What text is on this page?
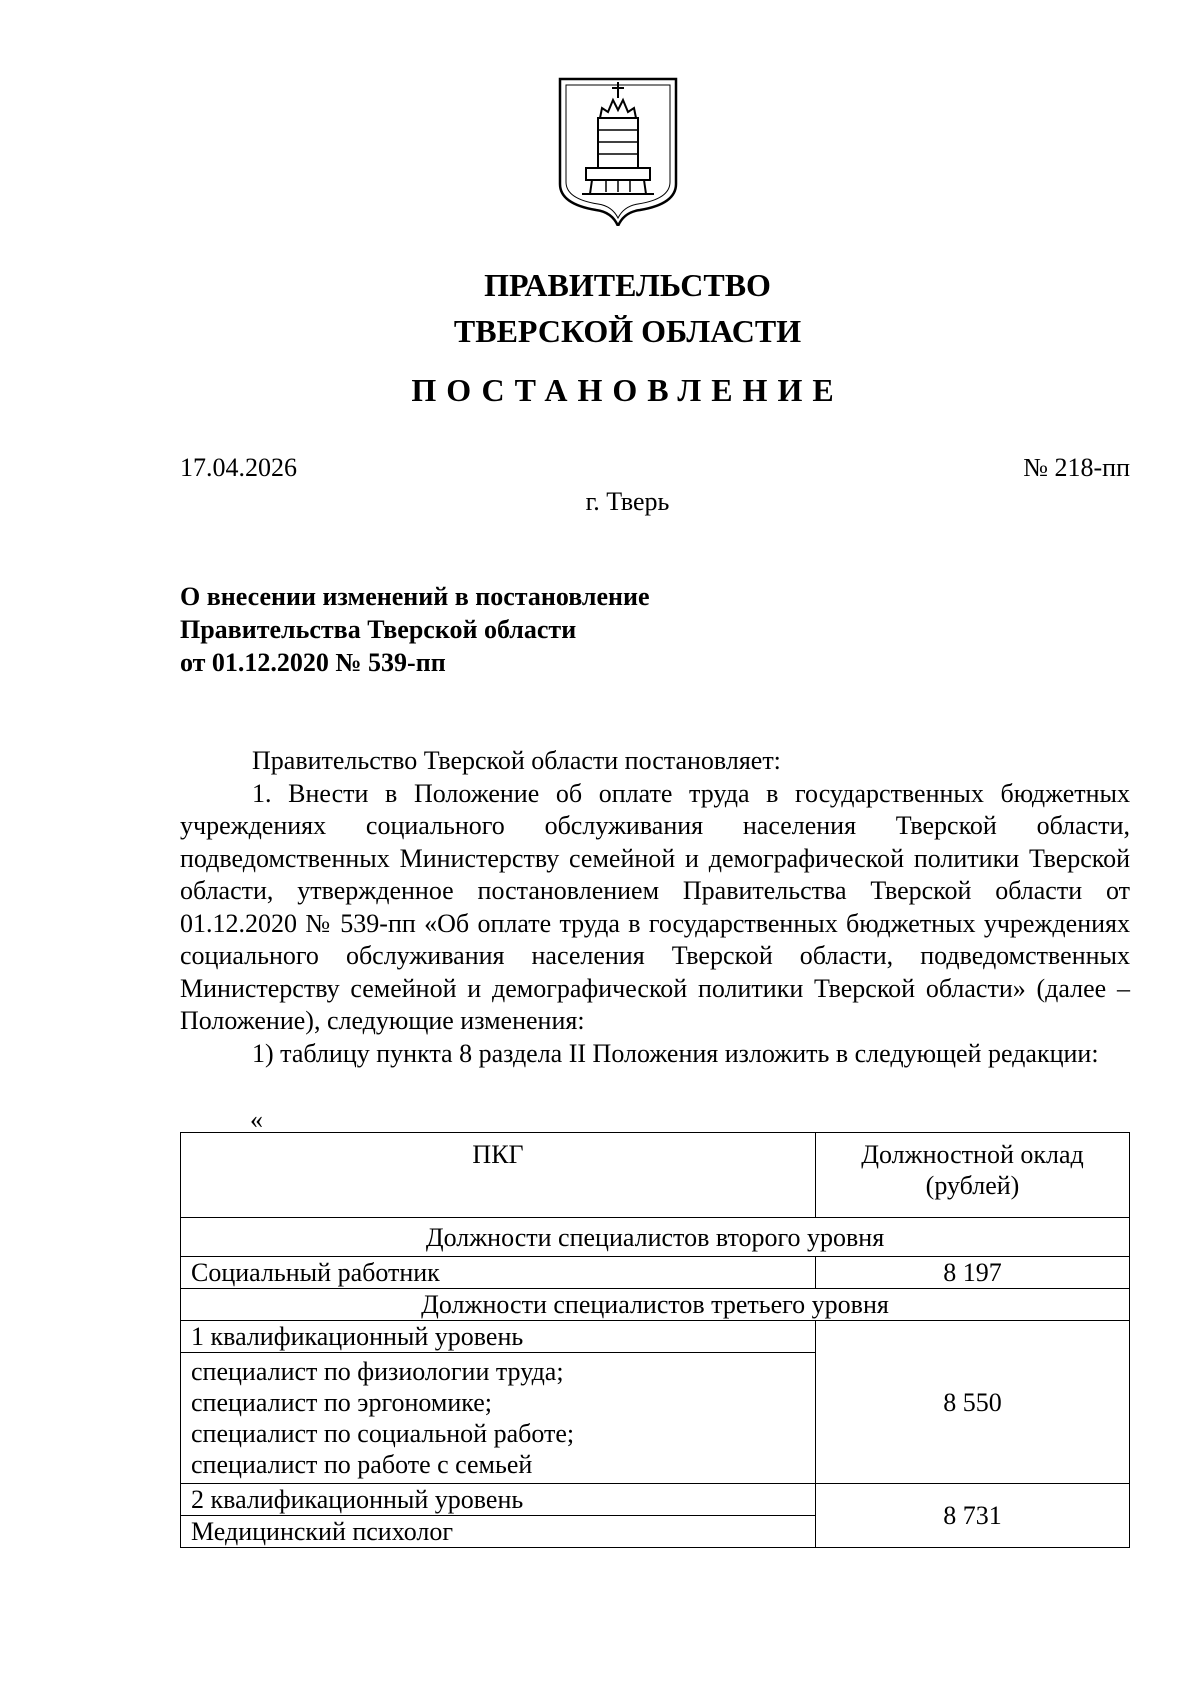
ПРАВИТЕЛЬСТВО
ТВЕРСКОЙ ОБЛАСТИ
ПОСТАНОВЛЕНИЕ
17.04.2026	№ 218-пп
г. Тверь
О внесении изменений в постановление
Правительства Тверской области
от 01.12.2020 № 539-пп

Правительство Тверской области постановляет:

1. Внести в Положение об оплате труда в государственных бюджетных учреждениях социального обслуживания населения Тверской области, подведомственных Министерству семейной и демографической политики Тверской области, утвержденное постановлением Правительства Тверской области от 01.12.2020 № 539-пп «Об оплате труда в государственных бюджетных учреждениях социального обслуживания населения Тверской области, подведомственных Министерству семейной и демографической политики Тверской области» (далее – Положение), следующие изменения:

1) таблицу пункта 8 раздела II Положения изложить в следующей редакции:

«
ПКГ	Должностной оклад (рублей)
Должности специалистов второго уровня	
Социальный работник	8 197
Должности специалистов третьего уровня	
1 квалификационный уровень	8 550

специалист по физиологии труда;
специалист по эргономике;
специалист по социальной работе;
специалист по работе с семьей	

2 квалификационный уровень	8 731
Медицинский психолог	
